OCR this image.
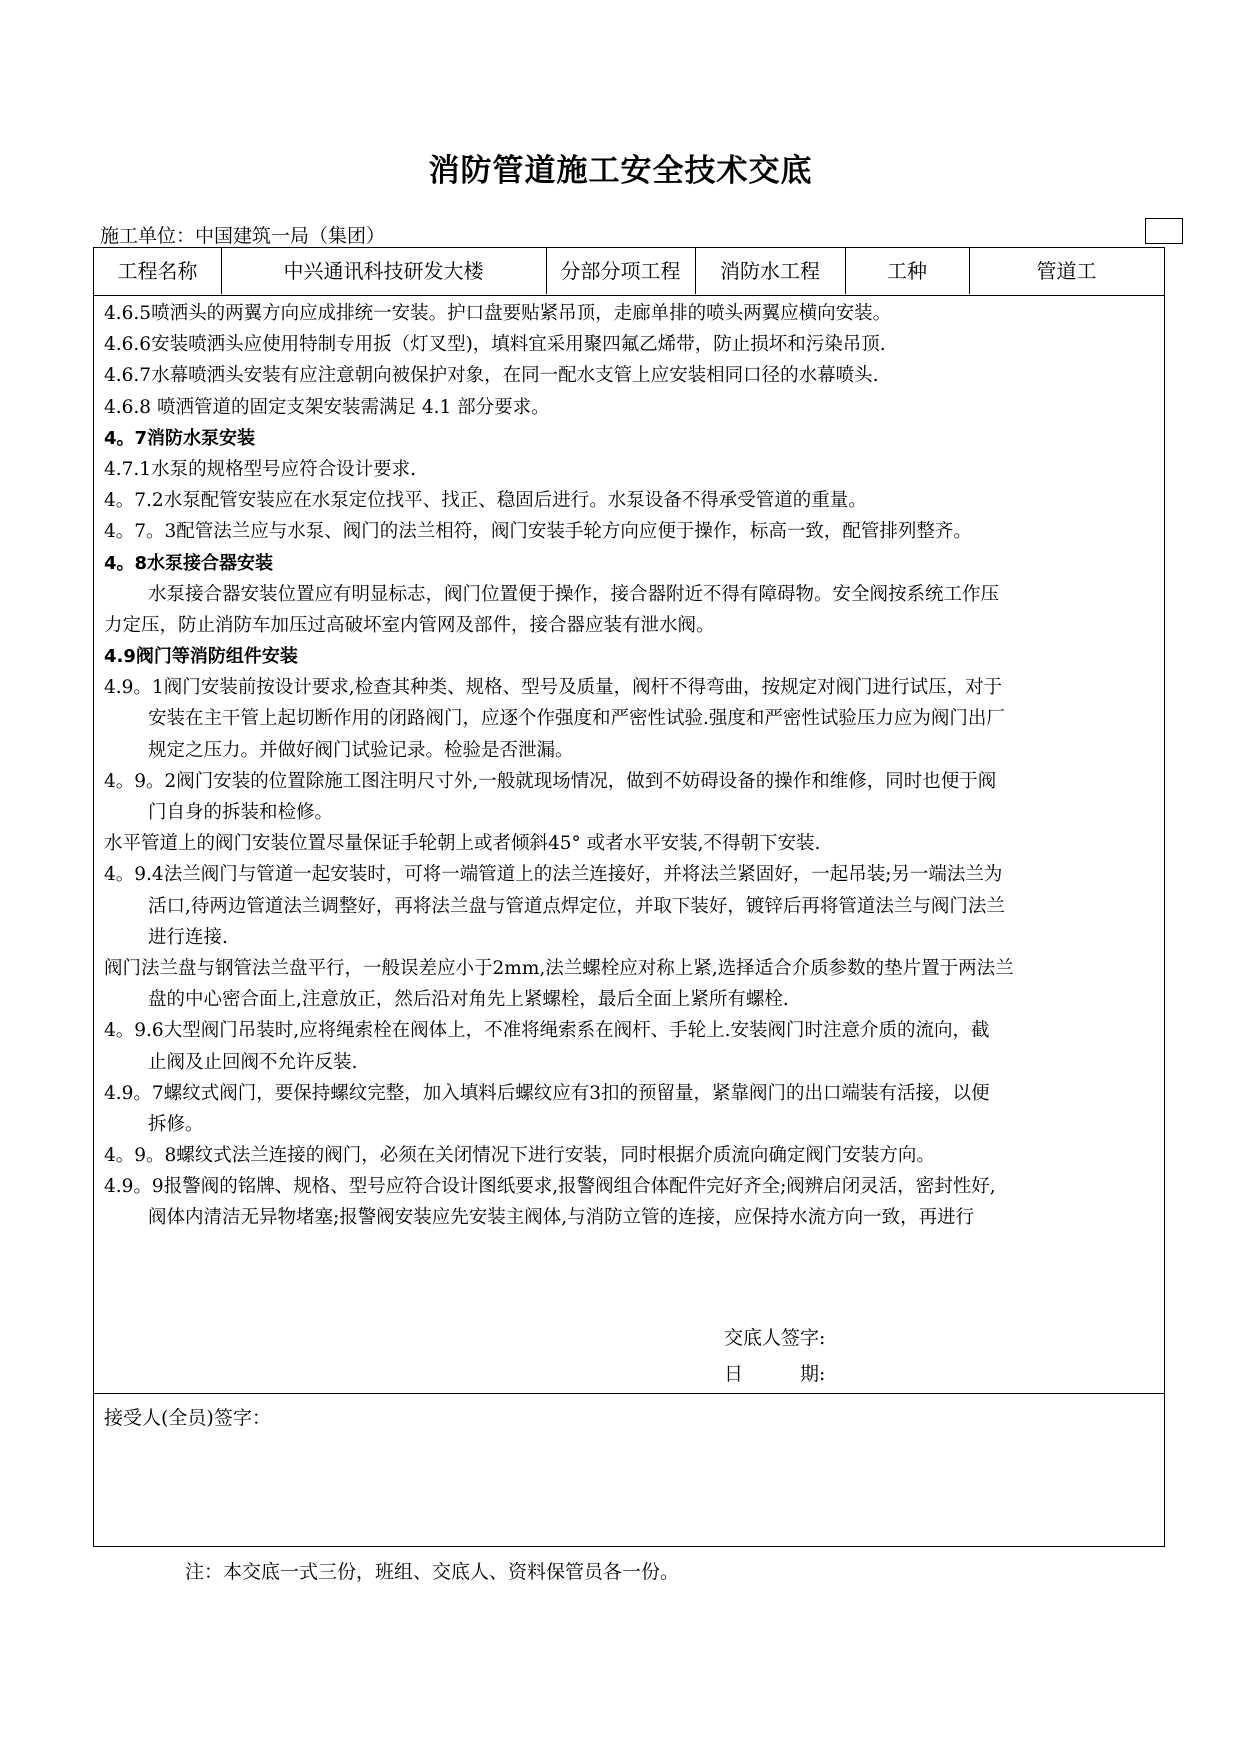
消防管道施工安全技术交底
施工单位：中国建筑一局（集团）
工程名称	中兴通讯科技研发大楼	分部分项工程	消防水工程	工种	管道工
4.6.5喷洒头的两翼方向应成排统一安装。护口盘要贴紧吊顶，走廊单排的喷头两翼应横向安装。
4.6.6安装喷洒头应使用特制专用扳（灯叉型)，填料宜采用聚四氟乙烯带，防止损坏和污染吊顶.
4.6.7水幕喷洒头安装有应注意朝向被保护对象，在同一配水支管上应安装相同口径的水幕喷头.
4.6.8 喷洒管道的固定支架安装需满足 4.1 部分要求。
4。7消防水泵安装
4.7.1水泵的规格型号应符合设计要求.
4。7.2水泵配管安装应在水泵定位找平、找正、稳固后进行。水泵设备不得承受管道的重量。
4。7。3配管法兰应与水泵、阀门的法兰相符，阀门安装手轮方向应便于操作，标高一致，配管排列整齐。
4。8水泵接合器安装
水泵接合器安装位置应有明显标志，阀门位置便于操作，接合器附近不得有障碍物。安全阀按系统工作压
力定压，防止消防车加压过高破坏室内管网及部件，接合器应装有泄水阀。
4.9阀门等消防组件安装
4.9。1阀门安装前按设计要求,检查其种类、规格、型号及质量，阀杆不得弯曲，按规定对阀门进行试压，对于
安装在主干管上起切断作用的闭路阀门，应逐个作强度和严密性试验.强度和严密性试验压力应为阀门出厂
规定之压力。并做好阀门试验记录。检验是否泄漏。
4。9。2阀门安装的位置除施工图注明尺寸外,一般就现场情况，做到不妨碍设备的操作和维修，同时也便于阀
门自身的拆装和检修。
水平管道上的阀门安装位置尽量保证手轮朝上或者倾斜45° 或者水平安装,不得朝下安装.
4。9.4法兰阀门与管道一起安装时，可将一端管道上的法兰连接好，并将法兰紧固好，一起吊装;另一端法兰为
活口,待两边管道法兰调整好，再将法兰盘与管道点焊定位，并取下装好，镀锌后再将管道法兰与阀门法兰
进行连接.
阀门法兰盘与钢管法兰盘平行，一般误差应小于2mm,法兰螺栓应对称上紧,选择适合介质参数的垫片置于两法兰
盘的中心密合面上,注意放正，然后沿对角先上紧螺栓，最后全面上紧所有螺栓.
4。9.6大型阀门吊装时,应将绳索栓在阀体上，不准将绳索系在阀杆、手轮上.安装阀门时注意介质的流向，截
止阀及止回阀不允许反装.
4.9。7螺纹式阀门，要保持螺纹完整，加入填料后螺纹应有3扣的预留量，紧靠阀门的出口端装有活接，以便
拆修。
4。9。8螺纹式法兰连接的阀门，必须在关闭情况下进行安装，同时根据介质流向确定阀门安装方向。
4.9。9报警阀的铭牌、规格、型号应符合设计图纸要求,报警阀组合体配件完好齐全;阀辨启闭灵活，密封性好,
阀体内清洁无异物堵塞;报警阀安装应先安装主阀体,与消防立管的连接，应保持水流方向一致，再进行
交底人签字:
日　　　期:
接受人(全员)签字：
注：本交底一式三份，班组、交底人、资料保管员各一份。
